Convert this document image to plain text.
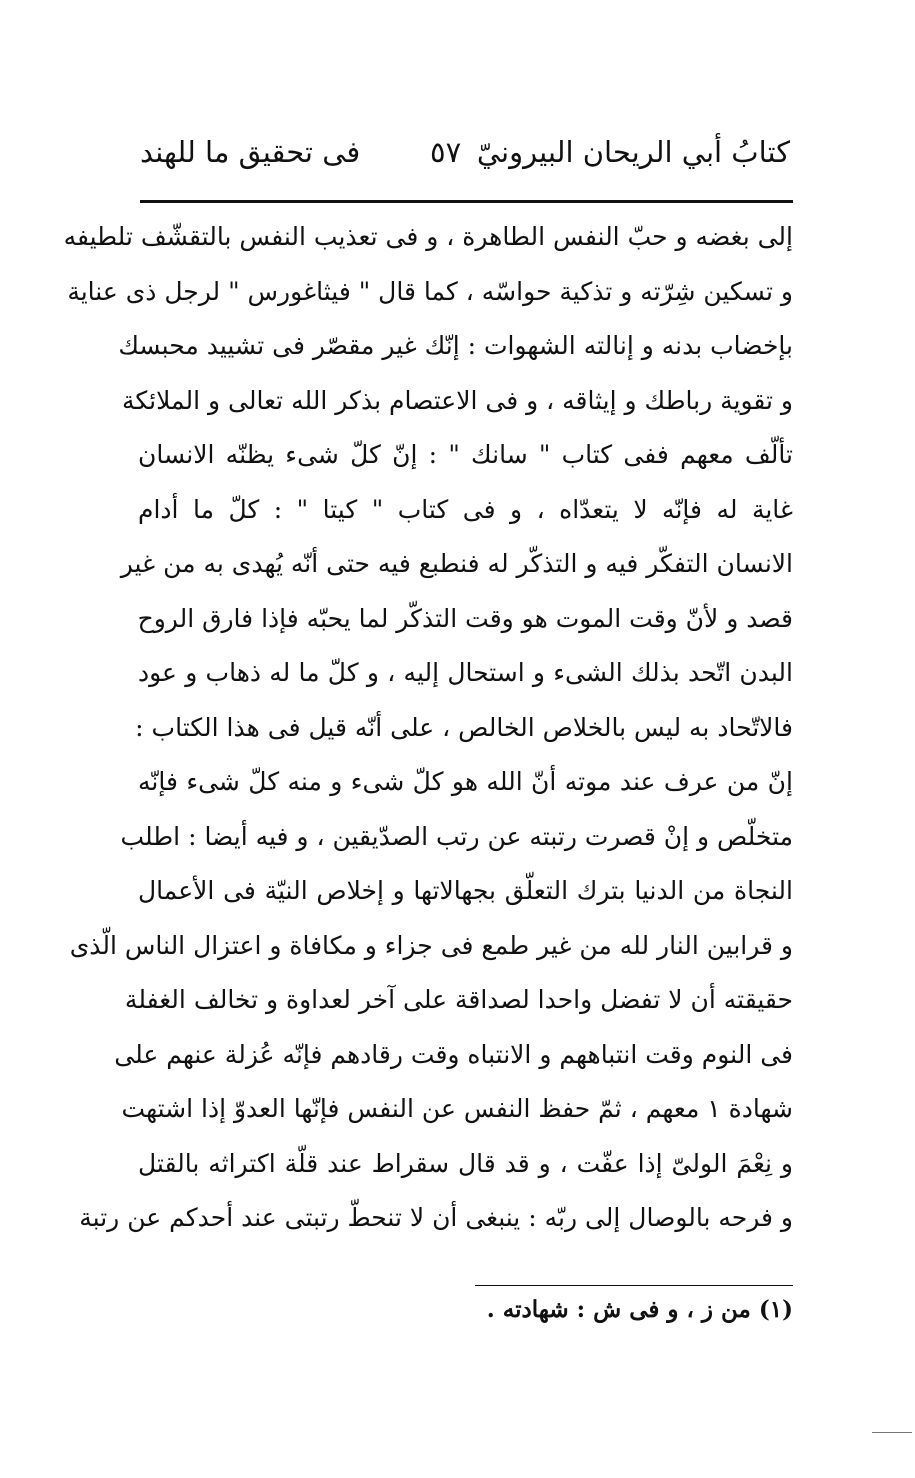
كتابُ أبي الريحان البيرونيّ
٥٧
فى تحقيق ما للهند
إلى بغضه و حبّ النفس الطاهرة ، و فى تعذيب النفس بالتقشّف تلطيفه
و تسكين شِرّته و تذكية حواسّه ، كما قال " فيثاغورس " لرجل ذى عناية
بإخضاب بدنه و إنالته الشهوات : إنّك غير مقصّر فى تشييد محبسك
و تقوية رباطك و إيثاقه ، و فى الاعتصام بذكر الله تعالى و الملائكة
تألّف معهم ففى كتاب " سانك " : إنّ كلّ شىء يظنّه الانسان
غاية له فإنّه لا يتعدّاه ، و فى كتاب " كيتا " : كلّ ما أدام
الانسان التفكّر فيه و التذكّر له فنطبع فيه حتى أنّه يُهدى به من غير
قصد و لأنّ وقت الموت هو وقت التذكّر لما يحبّه فإذا فارق الروح
البدن اتّحد بذلك الشىء و استحال إليه ، و كلّ ما له ذهاب و عود
فالاتّحاد به ليس بالخلاص الخالص ، على أنّه قيل فى هذا الكتاب :
إنّ من عرف عند موته أنّ الله هو كلّ شىء و منه كلّ شىء فإنّه
متخلّص و إنْ قصرت رتبته عن رتب الصدّيقين ، و فيه أيضا : اطلب
النجاة من الدنيا بترك التعلّق بجهالاتها و إخلاص النيّة فى الأعمال
و قرابين النار لله من غير طمع فى جزاء و مكافاة و اعتزال الناس الّذى
حقيقته أن لا تفضل واحدا لصداقة على آخر لعداوة و تخالف الغفلة
فى النوم وقت انتباههم و الانتباه وقت رقادهم فإنّه عُزلة عنهم على
شهادة ١ معهم ، ثمّ حفظ النفس عن النفس فإنّها العدوّ إذا اشتهت
و نِعْمَ الولىّ إذا عفّت ، و قد قال سقراط عند قلّة اكتراثه بالقتل
و فرحه بالوصال إلى ربّه : ينبغى أن لا تنحطّ رتبتى عند أحدكم عن رتبة
(١) من ز ، و فى ش : شهادته .
